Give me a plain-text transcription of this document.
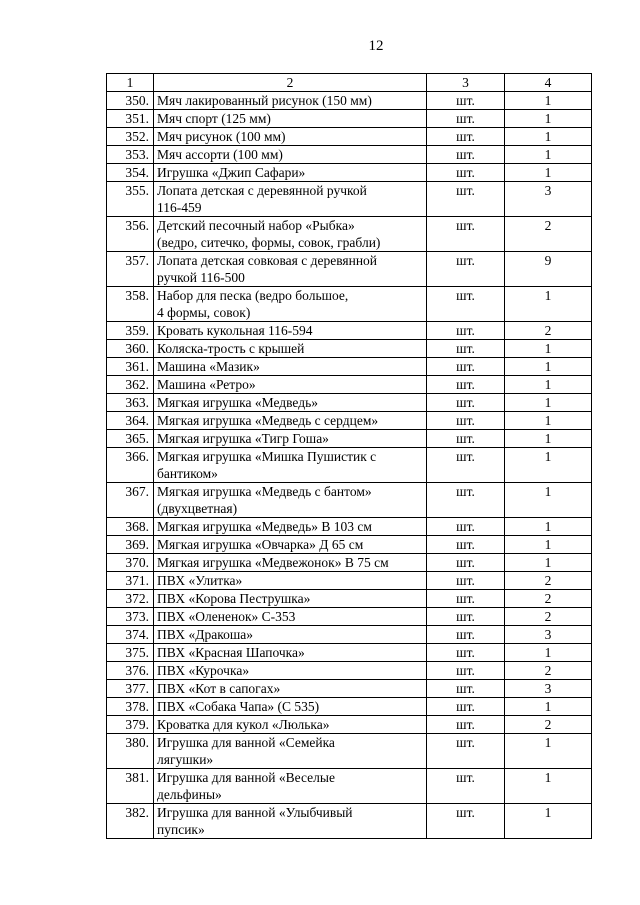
12
1	2	3	4
350.	Мяч лакированный рисунок (150 мм)	шт.	1
351.	Мяч спорт (125 мм)	шт.	1
352.	Мяч рисунок (100 мм)	шт.	1
353.	Мяч ассорти (100 мм)	шт.	1
354.	Игрушка «Джип Сафари»	шт.	1
355.	Лопата детская с деревянной ручкой
116-459	шт.	3
356.	Детский песочный набор «Рыбка»
(ведро, ситечко, формы, совок, грабли)	шт.	2
357.	Лопата детская совковая с деревянной
ручкой 116-500	шт.	9
358.	Набор для песка (ведро большое,
4 формы, совок)	шт.	1
359.	Кровать кукольная 116-594	шт.	2
360.	Коляска-трость с крышей	шт.	1
361.	Машина «Мазик»	шт.	1
362.	Машина «Ретро»	шт.	1
363.	Мягкая игрушка «Медведь»	шт.	1
364.	Мягкая игрушка «Медведь с сердцем»	шт.	1
365.	Мягкая игрушка «Тигр Гоша»	шт.	1
366.	Мягкая игрушка «Мишка Пушистик с
бантиком»	шт.	1
367.	Мягкая игрушка «Медведь с бантом»
(двухцветная)	шт.	1
368.	Мягкая игрушка «Медведь» В 103 см	шт.	1
369.	Мягкая игрушка «Овчарка» Д 65 см	шт.	1
370.	Мягкая игрушка «Медвежонок» В 75 см	шт.	1
371.	ПВХ «Улитка»	шт.	2
372.	ПВХ «Корова Пеструшка»	шт.	2
373.	ПВХ «Олененок» С-353	шт.	2
374.	ПВХ «Дракоша»	шт.	3
375.	ПВХ «Красная Шапочка»	шт.	1
376.	ПВХ «Курочка»	шт.	2
377.	ПВХ «Кот в сапогах»	шт.	3
378.	ПВХ «Собака Чапа» (С 535)	шт.	1
379.	Кроватка для кукол «Люлька»	шт.	2
380.	Игрушка для ванной «Семейка
лягушки»	шт.	1
381.	Игрушка для ванной «Веселые
дельфины»	шт.	1
382.	Игрушка для ванной «Улыбчивый
пупсик»	шт.	1
